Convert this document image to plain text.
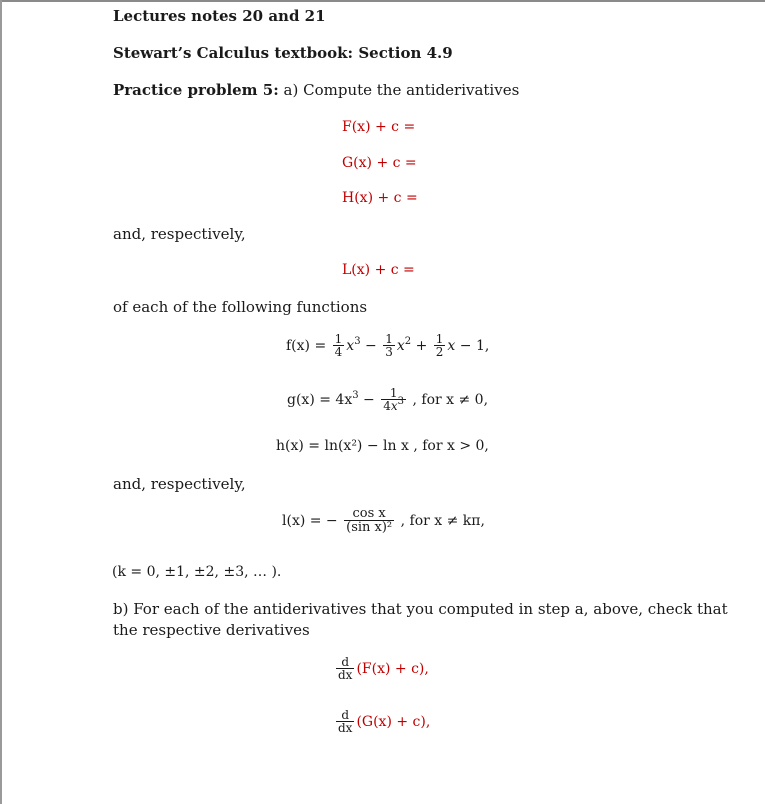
Lectures notes 20 and 21
Stewart’s Calculus textbook: Section 4.9
Practice problem 5: a) Compute the antiderivatives
F(x) + c =
G(x) + c =
H(x) + c =
and, respectively,
L(x) + c =
of each of the following functions
$f(x) = \frac{1}{4} x^3 - \frac{1}{3} x^2 + \frac{1}{2}$ x − 1,
$g(x) = 4x^3 - \frac{1}{4x^3}$ , for x ≠ 0,
h(x) = ln(x²) − ln x , for x > 0,
and, respectively,
l(x) = − $\frac{\text{cos x}}{\text{(sin x)²}}$ , for x ≠ kπ,
(k = 0, ±1, ±2, ±3, … ).
b) For each of the antiderivatives that you computed in step a, above, check that
the respective derivatives
$\frac{d}{dx} (F(x) + c)$,
$\frac{d}{dx} (G(x) + c)$,
